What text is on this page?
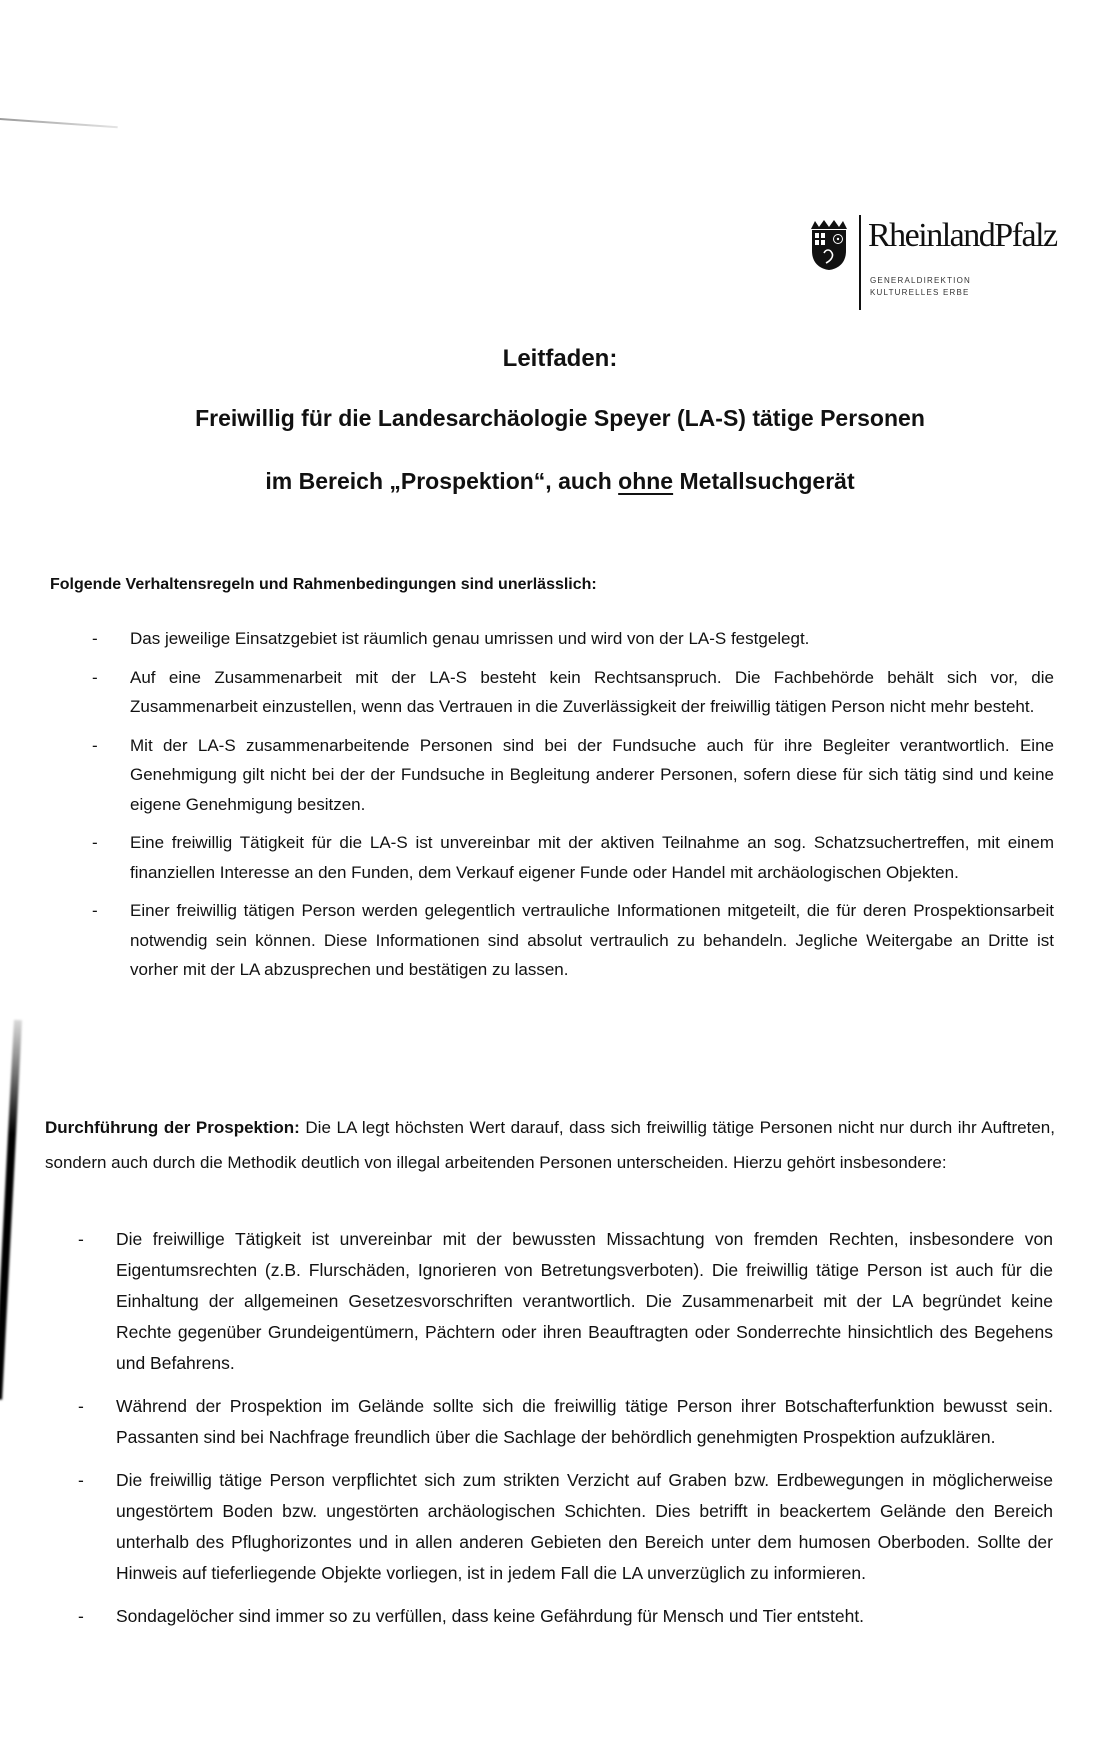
RheinlandPfalz
GENERALDIREKTION
KULTURELLES ERBE
Leitfaden:
Freiwillig für die Landesarchäologie Speyer (LA-S) tätige Personen
im Bereich „Prospektion“, auch ohne Metallsuchgerät
Folgende Verhaltensregeln und Rahmenbedingungen sind unerlässlich:
- Das jeweilige Einsatzgebiet ist räumlich genau umrissen und wird von der LA-S festgelegt.
- Auf eine Zusammenarbeit mit der LA-S besteht kein Rechtsanspruch. Die Fachbehörde behält sich vor, die Zusammenarbeit einzustellen, wenn das Vertrauen in die Zuverlässigkeit der freiwillig tätigen Person nicht mehr besteht.
- Mit der LA-S zusammenarbeitende Personen sind bei der Fundsuche auch für ihre Begleiter verantwortlich. Eine Genehmigung gilt nicht bei der der Fundsuche in Begleitung anderer Personen, sofern diese für sich tätig sind und keine eigene Genehmigung besitzen.
- Eine freiwillig Tätigkeit für die LA-S ist unvereinbar mit der aktiven Teilnahme an sog. Schatzsuchertreffen, mit einem finanziellen Interesse an den Funden, dem Verkauf eigener Funde oder Handel mit archäologischen Objekten.
- Einer freiwillig tätigen Person werden gelegentlich vertrauliche Informationen mitgeteilt, die für deren Prospektionsarbeit notwendig sein können. Diese Informationen sind absolut vertraulich zu behandeln. Jegliche Weitergabe an Dritte ist vorher mit der LA abzusprechen und bestätigen zu lassen.
Durchführung der Prospektion: Die LA legt höchsten Wert darauf, dass sich freiwillig tätige Personen nicht nur durch ihr Auftreten, sondern auch durch die Methodik deutlich von illegal arbeitenden Personen unterscheiden. Hierzu gehört insbesondere:
- Die freiwillige Tätigkeit ist unvereinbar mit der bewussten Missachtung von fremden Rechten, insbesondere von Eigentumsrechten (z.B. Flurschäden, Ignorieren von Betretungsverboten). Die freiwillig tätige Person ist auch für die Einhaltung der allgemeinen Gesetzesvorschriften verantwortlich. Die Zusammenarbeit mit der LA begründet keine Rechte gegenüber Grundeigentümern, Pächtern oder ihren Beauftragten oder Sonderrechte hinsichtlich des Begehens und Befahrens.
- Während der Prospektion im Gelände sollte sich die freiwillig tätige Person ihrer Botschafterfunktion bewusst sein. Passanten sind bei Nachfrage freundlich über die Sachlage der behördlich genehmigten Prospektion aufzuklären.
- Die freiwillig tätige Person verpflichtet sich zum strikten Verzicht auf Graben bzw. Erdbewegungen in möglicherweise ungestörtem Boden bzw. ungestörten archäologischen Schichten. Dies betrifft in beackertem Gelände den Bereich unterhalb des Pflughorizontes und in allen anderen Gebieten den Bereich unter dem humosen Oberboden. Sollte der Hinweis auf tieferliegende Objekte vorliegen, ist in jedem Fall die LA unverzüglich zu informieren.
- Sondagelöcher sind immer so zu verfüllen, dass keine Gefährdung für Mensch und Tier entsteht.
